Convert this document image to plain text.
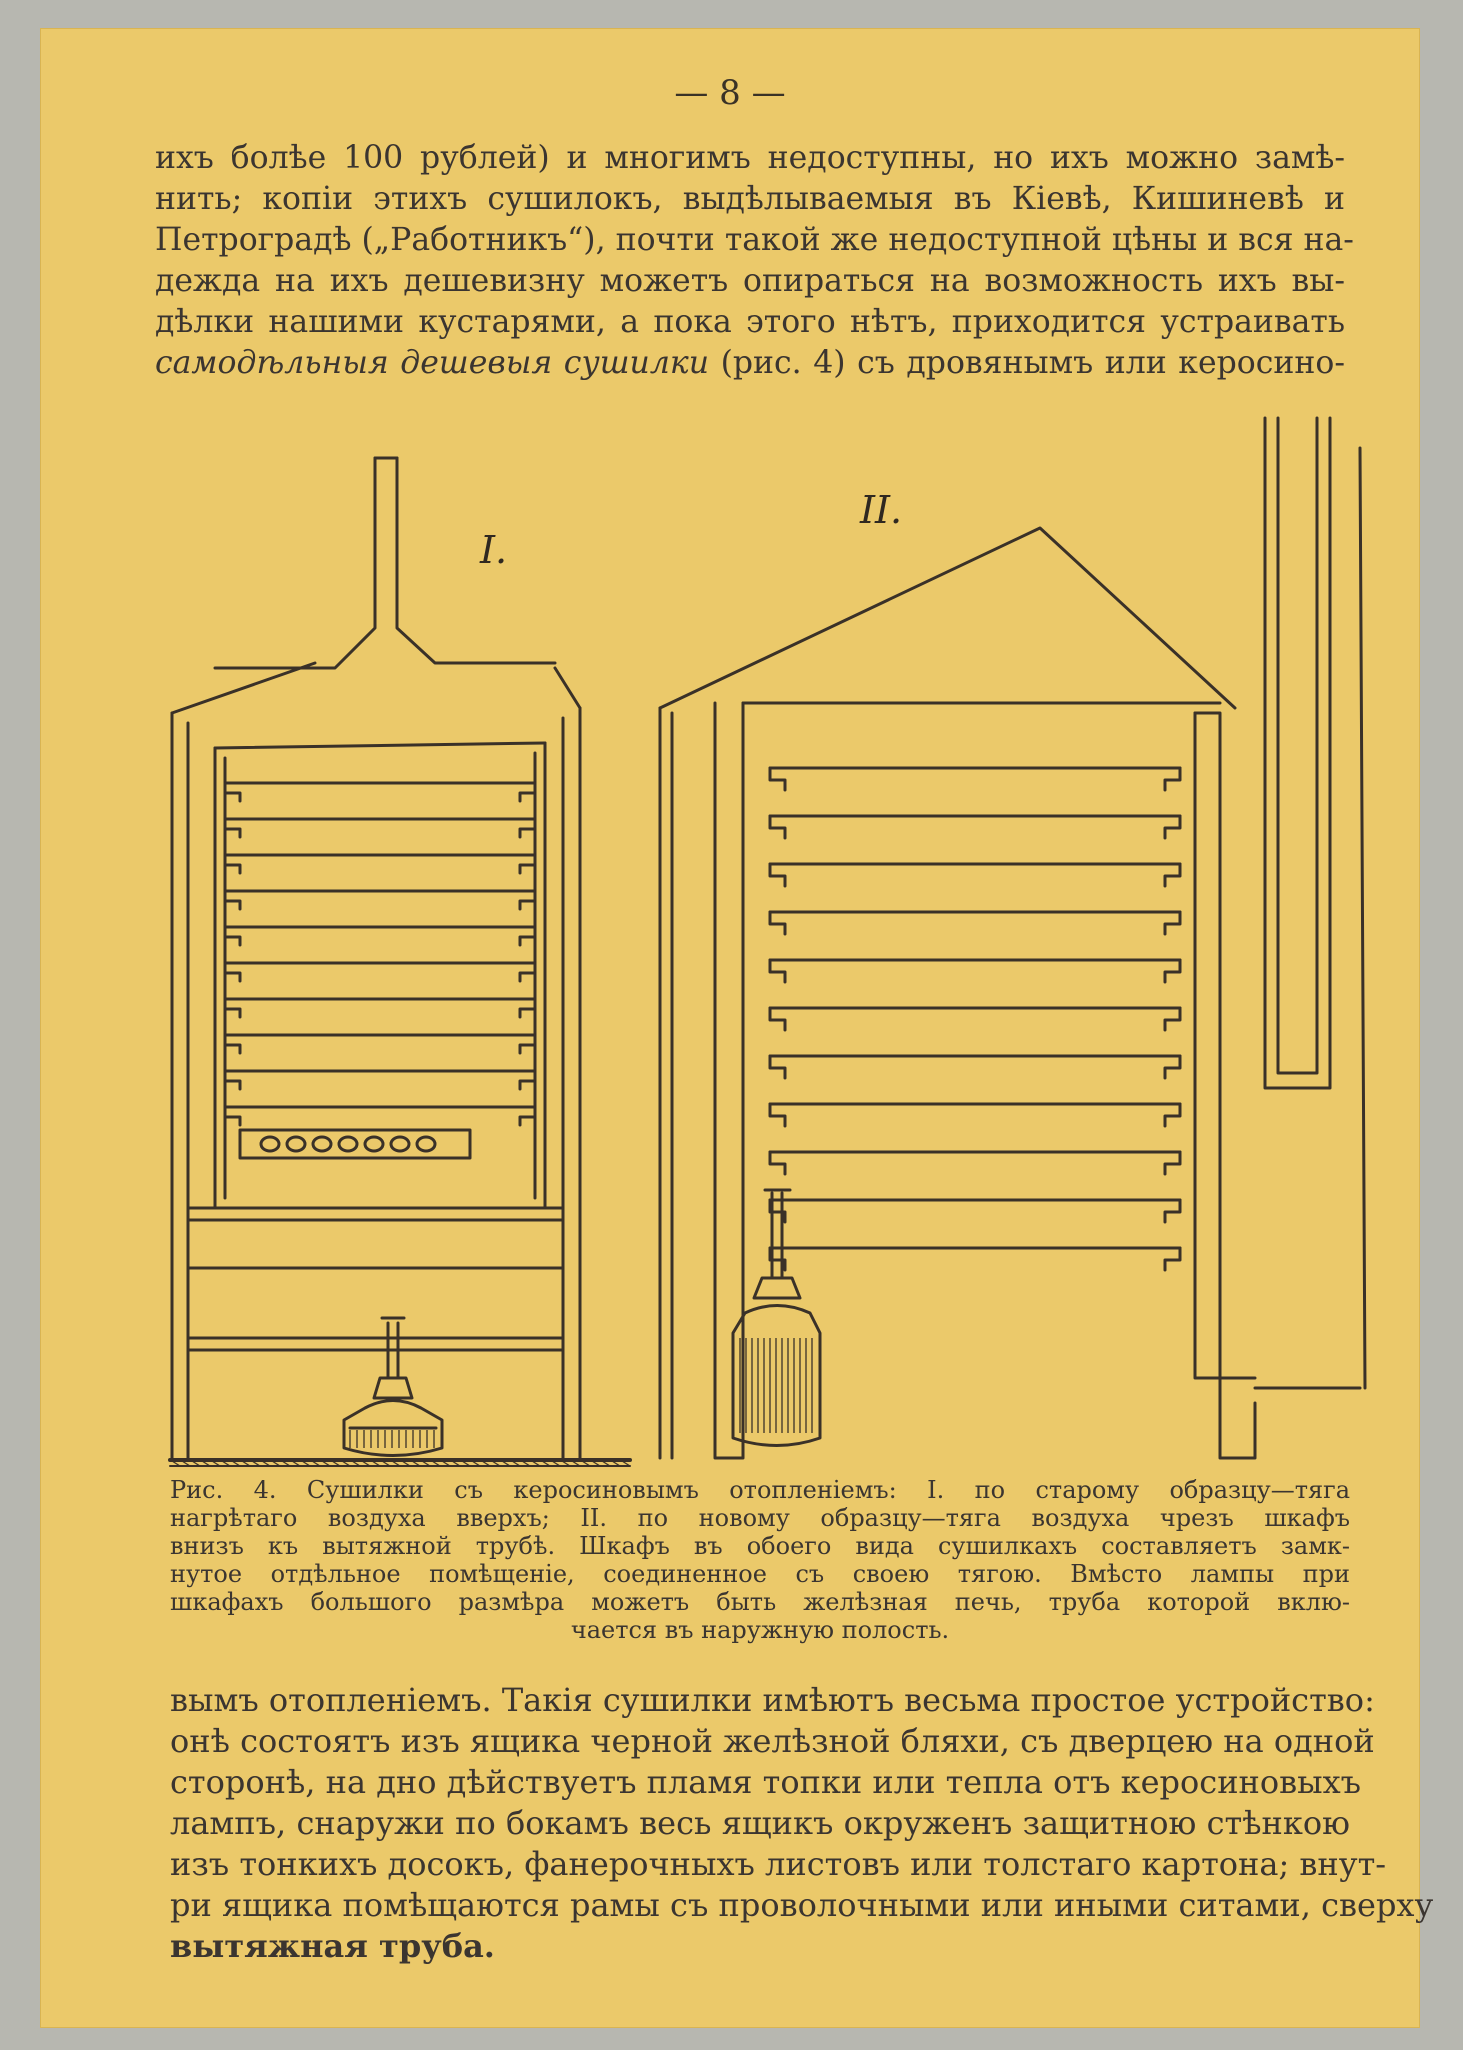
— 8 —
ихъ болѣе 100 рублей) и многимъ недоступны, но ихъ можно замѣ-
нить; копіи этихъ сушилокъ, выдѣлываемыя въ Кіевѣ, Кишиневѣ и
Петроградѣ („Работникъ“), почти такой же недоступной цѣны и вся на-
дежда на ихъ дешевизну можетъ опираться на возможность ихъ вы-
дѣлки нашими кустарями, а пока этого нѣтъ, приходится устраивать
самодѣльныя дешевыя сушилки (рис. 4) съ дровянымъ или керосино-
I.
II.
Рис. 4. Сушилки съ керосиновымъ отопленіемъ: I. по старому образцу—тяга
нагрѣтаго воздуха вверхъ; II. по новому образцу—тяга воздуха чрезъ шкафъ
внизъ къ вытяжной трубѣ. Шкафъ въ обоего вида сушилкахъ составляетъ замк-
нутое отдѣльное помѣщеніе, соединенное съ своею тягою. Вмѣсто лампы при
шкафахъ большого размѣра можетъ быть желѣзная печь, труба которой вклю-
чается въ наружную полость.
вымъ отопленіемъ. Такія сушилки имѣютъ весьма простое устройство:
онѣ состоятъ изъ ящика черной желѣзной бляхи, съ дверцею на одной
сторонѣ, на дно дѣйствуетъ пламя топки или тепла отъ керосиновыхъ
лампъ, снаружи по бокамъ весь ящикъ окруженъ защитною стѣнкою
изъ тонкихъ досокъ, фанерочныхъ листовъ или толстаго картона; внут-
ри ящика помѣщаются рамы съ проволочными или иными ситами, сверху
вытяжная труба.
